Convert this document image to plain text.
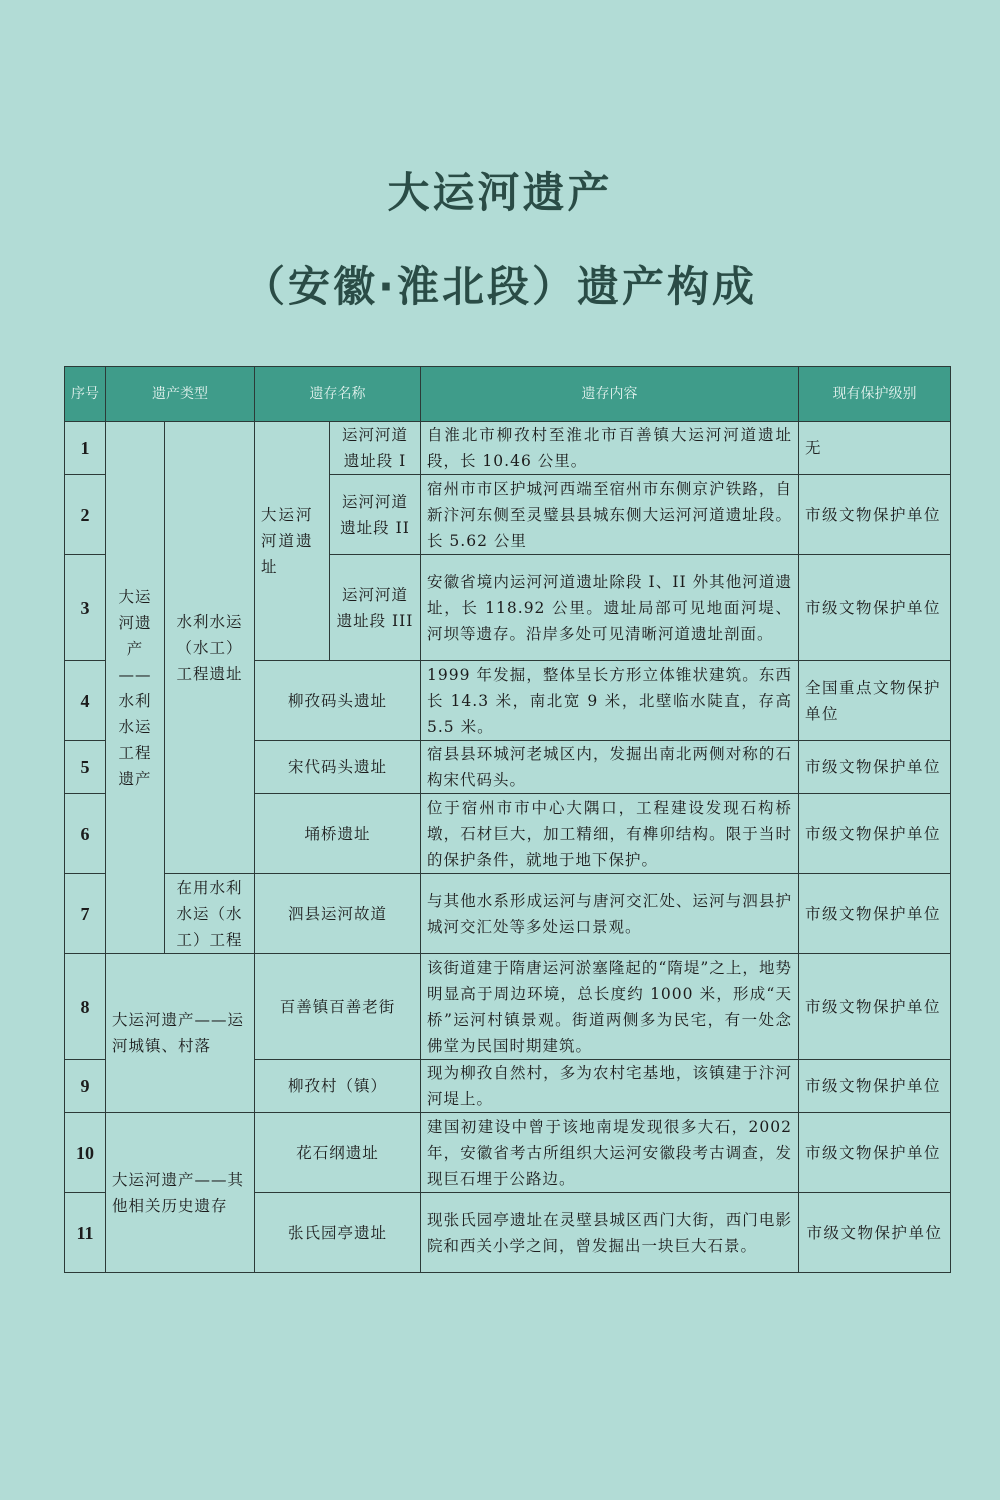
大运河遗产
（安徽·淮北段）遗产构成
序号	遗产类型		遗存名称		遗存内容	现有保护级别
1	大运河遗产——水利水运工程遗产	水利水运（水工）工程遗址	大运河河道遗址	运河河道遗址段 I	自淮北市柳孜村至淮北市百善镇大运河河道遗址段，长 10.46 公里。	无
2				运河河道遗址段 II	宿州市市区护城河西端至宿州市东侧京沪铁路，自新汴河东侧至灵璧县县城东侧大运河河道遗址段。长 5.62 公里	市级文物保护单位
3				运河河道遗址段 III	安徽省境内运河河道遗址除段 I、II 外其他河道遗址，长 118.92 公里。遗址局部可见地面河堤、河坝等遗存。沿岸多处可见清晰河道遗址剖面。	市级文物保护单位
4			柳孜码头遗址		1999 年发掘，整体呈长方形立体锥状建筑。东西长 14.3 米，南北宽 9 米，北壁临水陡直，存高 5.5 米。	全国重点文物保护单位
5			宋代码头遗址		宿县县环城河老城区内，发掘出南北两侧对称的石构宋代码头。	市级文物保护单位
6			埇桥遗址		位于宿州市市中心大隅口，工程建设发现石构桥墩，石材巨大，加工精细，有榫卯结构。限于当时的保护条件，就地于地下保护。	市级文物保护单位
7		在用水利水运（水工）工程	泗县运河故道		与其他水系形成运河与唐河交汇处、运河与泗县护城河交汇处等多处运口景观。	市级文物保护单位
8	大运河遗产——运河城镇、村落		百善镇百善老街		该街道建于隋唐运河淤塞隆起的“隋堤”之上，地势明显高于周边环境，总长度约 1000 米，形成“天桥”运河村镇景观。街道两侧多为民宅，有一处念佛堂为民国时期建筑。	市级文物保护单位
9			柳孜村（镇）		现为柳孜自然村，多为农村宅基地，该镇建于汴河河堤上。	市级文物保护单位
10	大运河遗产——其他相关历史遗存		花石纲遗址		建国初建设中曾于该地南堤发现很多大石，2002 年，安徽省考古所组织大运河安徽段考古调查，发现巨石埋于公路边。	市级文物保护单位
11			张氏园亭遗址		现张氏园亭遗址在灵壁县城区西门大街，西门电影院和西关小学之间，曾发掘出一块巨大石景。	市级文物保护单位
